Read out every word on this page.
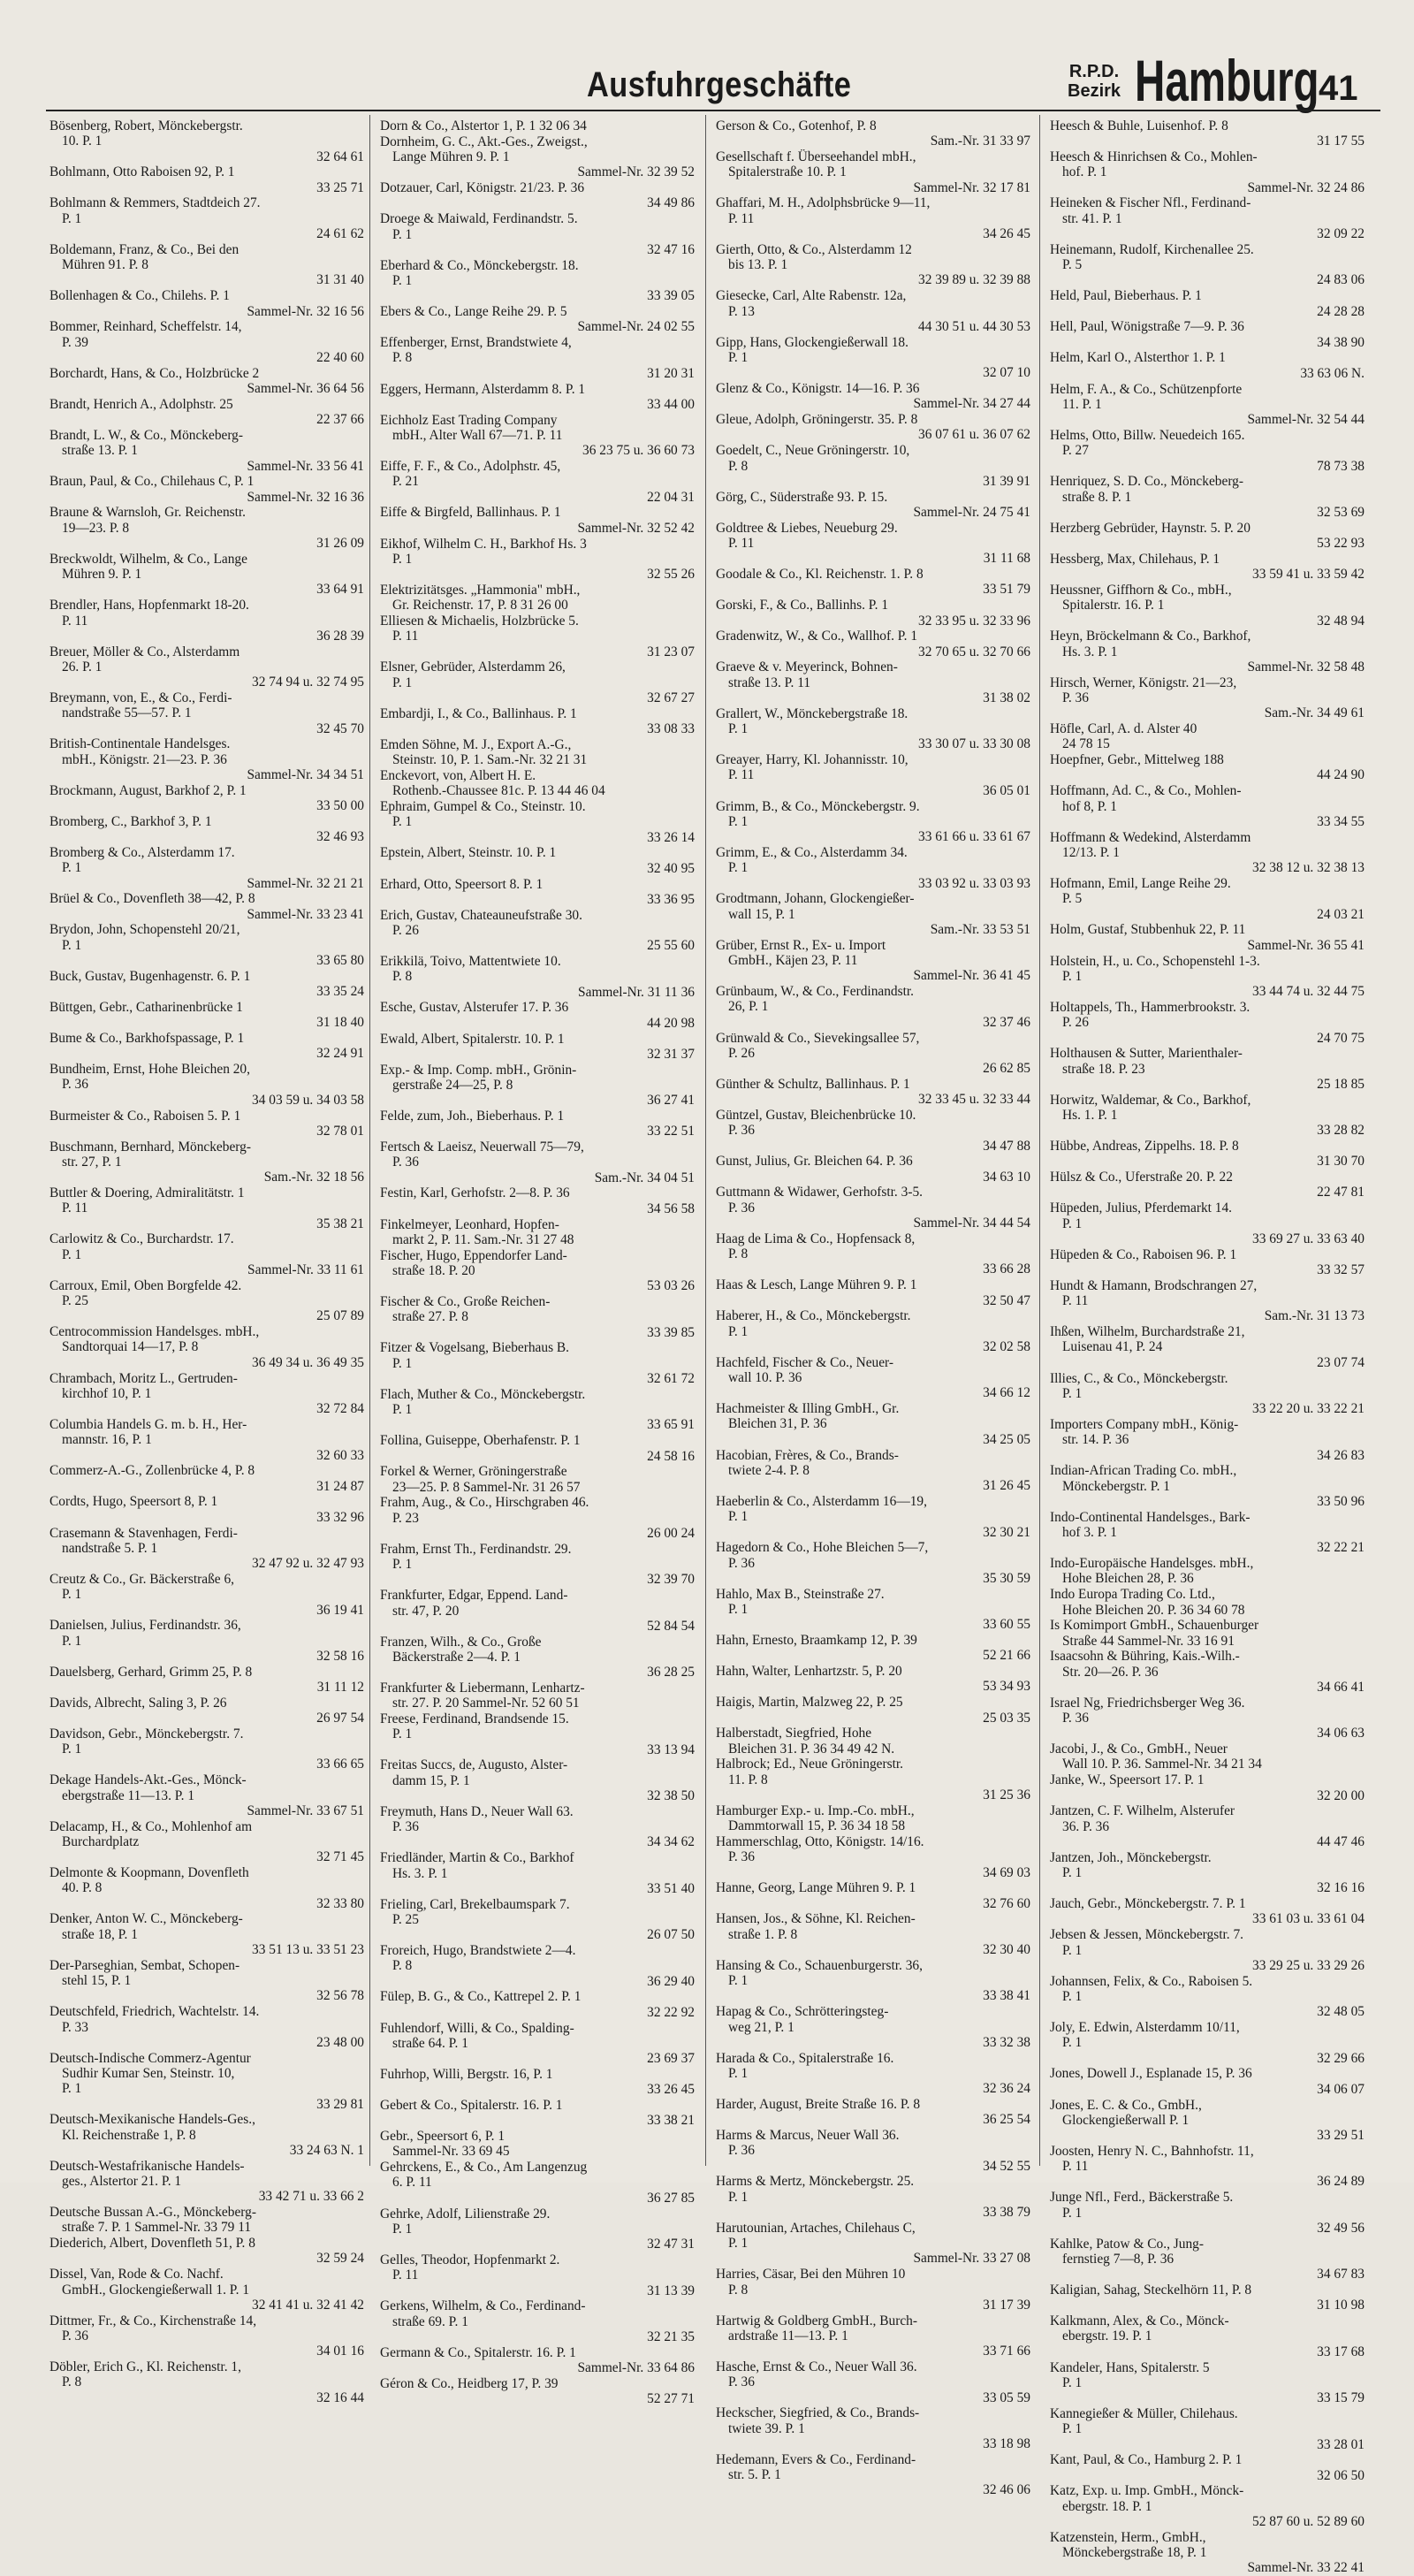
Ausfuhrgeschäfte	R.P.D.
Bezirk Hamburg 41
Bösenberg, Robert, Mönckebergstr.
10. P. 1
32 64 61
Bohlmann, Otto Raboisen 92, P. 1
33 25 71
Bohlmann & Remmers, Stadtdeich 27.
P. 1
24 61 62
Boldemann, Franz, & Co., Bei den
Mühren 91. P. 8
31 31 40
Bollenhagen & Co., Chilehs. P. 1
Sammel-Nr. 32 16 56
Bommer, Reinhard, Scheffelstr. 14,
P. 39
22 40 60
Borchardt, Hans, & Co., Holzbrücke 2
Sammel-Nr. 36 64 56
Brandt, Henrich A., Adolphstr. 25
22 37 66
Brandt, L. W., & Co., Mönckeberg-
straße 13. P. 1
Sammel-Nr. 33 56 41
Braun, Paul, & Co., Chilehaus C, P. 1
Sammel-Nr. 32 16 36
Braune & Warnsloh, Gr. Reichenstr.
19—23. P. 8
31 26 09
Breckwoldt, Wilhelm, & Co., Lange
Mühren 9. P. 1
33 64 91
Brendler, Hans, Hopfenmarkt 18-20.
P. 11
36 28 39
Breuer, Möller & Co., Alsterdamm
26. P. 1
32 74 94 u. 32 74 95
Breymann, von, E., & Co., Ferdi-
nandstraße 55—57. P. 1
32 45 70
British-Continentale Handelsges.
mbH., Königstr. 21—23. P. 36
Sammel-Nr. 34 34 51
Brockmann, August, Barkhof 2, P. 1
33 50 00
Bromberg, C., Barkhof 3, P. 1
32 46 93
Bromberg & Co., Alsterdamm 17.
P. 1
Sammel-Nr. 32 21 21
Brüel & Co., Dovenfleth 38—42, P. 8
Sammel-Nr. 33 23 41
Brydon, John, Schopenstehl 20/21,
P. 1
33 65 80
Buck, Gustav, Bugenhagenstr. 6. P. 1
33 35 24
Büttgen, Gebr., Catharinenbrücke 1
31 18 40
Bume & Co., Barkhofspassage, P. 1
32 24 91
Bundheim, Ernst, Hohe Bleichen 20,
P. 36
34 03 59 u. 34 03 58
Burmeister & Co., Raboisen 5. P. 1
32 78 01
Buschmann, Bernhard, Mönckeberg-
str. 27, P. 1
Sam.-Nr. 32 18 56
Buttler & Doering, Admiralitätstr. 1
P. 11
35 38 21
Carlowitz & Co., Burchardstr. 17.
P. 1
Sammel-Nr. 33 11 61
Carroux, Emil, Oben Borgfelde 42.
P. 25
25 07 89
Centrocommission Handelsges. mbH.,
Sandtorquai 14—17, P. 8
36 49 34 u. 36 49 35
Chrambach, Moritz L., Gertruden-
kirchhof 10, P. 1
32 72 84
Columbia Handels G. m. b. H., Her-
mannstr. 16, P. 1
32 60 33
Commerz-A.-G., Zollenbrücke 4, P. 8
31 24 87
Cordts, Hugo, Speersort 8, P. 1
33 32 96
Crasemann & Stavenhagen, Ferdi-
nandstraße 5. P. 1
32 47 92 u. 32 47 93
Creutz & Co., Gr. Bäckerstraße 6,
P. 1
36 19 41
Danielsen, Julius, Ferdinandstr. 36,
P. 1
32 58 16
Dauelsberg, Gerhard, Grimm 25, P. 8
31 11 12
Davids, Albrecht, Saling 3, P. 26
26 97 54
Davidson, Gebr., Mönckebergstr. 7.
P. 1
33 66 65
Dekage Handels-Akt.-Ges., Mönck-
ebergstraße 11—13. P. 1
Sammel-Nr. 33 67 51
Delacamp, H., & Co., Mohlenhof am
Burchardplatz
32 71 45
Delmonte & Koopmann, Dovenfleth
40. P. 8
32 33 80
Denker, Anton W. C., Mönckeberg-
straße 18, P. 1
33 51 13 u. 33 51 23
Der-Parseghian, Sembat, Schopen-
stehl 15, P. 1
32 56 78
Deutschfeld, Friedrich, Wachtelstr. 14.
P. 33
23 48 00
Deutsch-Indische Commerz-Agentur
Sudhir Kumar Sen, Steinstr. 10,
P. 1
33 29 81
Deutsch-Mexikanische Handels-Ges.,
Kl. Reichenstraße 1, P. 8
33 24 63 N. 1
Deutsch-Westafrikanische Handels-
ges., Alstertor 21. P. 1
33 42 71 u. 33 66 2
Deutsche Bussan A.-G., Mönckeberg-
straße 7. P. 1 Sammel-Nr. 33 79 11
Diederich, Albert, Dovenfleth 51, P. 8
32 59 24
Dissel, Van, Rode & Co. Nachf.
GmbH., Glockengießerwall 1. P. 1
32 41 41 u. 32 41 42
Dittmer, Fr., & Co., Kirchenstraße 14,
P. 36
34 01 16
Döbler, Erich G., Kl. Reichenstr. 1,
P. 8
32 16 44
Dorn & Co., Alstertor 1, P. 1 32 06 34
Dornheim, G. C., Akt.-Ges., Zweigst.,
Lange Mühren 9. P. 1
Sammel-Nr. 32 39 52
Dotzauer, Carl, Königstr. 21/23. P. 36
34 49 86
Droege & Maiwald, Ferdinandstr. 5.
P. 1
32 47 16
Eberhard & Co., Mönckebergstr. 18.
P. 1
33 39 05
Ebers & Co., Lange Reihe 29. P. 5
Sammel-Nr. 24 02 55
Effenberger, Ernst, Brandstwiete 4,
P. 8
31 20 31
Eggers, Hermann, Alsterdamm 8. P. 1
33 44 00
Eichholz East Trading Company
mbH., Alter Wall 67—71. P. 11
36 23 75 u. 36 60 73
Eiffe, F. F., & Co., Adolphstr. 45,
P. 21
22 04 31
Eiffe & Birgfeld, Ballinhaus. P. 1
Sammel-Nr. 32 52 42
Eikhof, Wilhelm C. H., Barkhof Hs. 3
P. 1
32 55 26
Elektrizitätsges. „Hammonia" mbH.,
Gr. Reichenstr. 17, P. 8 31 26 00
Elliesen & Michaelis, Holzbrücke 5.
P. 11
31 23 07
Elsner, Gebrüder, Alsterdamm 26,
P. 1
32 67 27
Embardji, I., & Co., Ballinhaus. P. 1
33 08 33
Emden Söhne, M. J., Export A.-G.,
Steinstr. 10, P. 1. Sam.-Nr. 32 21 31
Enckevort, von, Albert H. E.
Rothenb.-Chaussee 81c. P. 13 44 46 04
Ephraim, Gumpel & Co., Steinstr. 10.
P. 1
33 26 14
Epstein, Albert, Steinstr. 10. P. 1
32 40 95
Erhard, Otto, Speersort 8. P. 1
33 36 95
Erich, Gustav, Chateauneufstraße 30.
P. 26
25 55 60
Erikkilä, Toivo, Mattentwiete 10.
P. 8
Sammel-Nr. 31 11 36
Esche, Gustav, Alsterufer 17. P. 36
44 20 98
Ewald, Albert, Spitalerstr. 10. P. 1
32 31 37
Exp.- & Imp. Comp. mbH., Grönin-
gerstraße 24—25, P. 8
36 27 41
Felde, zum, Joh., Bieberhaus. P. 1
33 22 51
Fertsch & Laeisz, Neuerwall 75—79,
P. 36
Sam.-Nr. 34 04 51
Festin, Karl, Gerhofstr. 2—8. P. 36
34 56 58
Finkelmeyer, Leonhard, Hopfen-
markt 2, P. 11. Sam.-Nr. 31 27 48
Fischer, Hugo, Eppendorfer Land-
straße 18. P. 20
53 03 26
Fischer & Co., Große Reichen-
straße 27. P. 8
33 39 85
Fitzer & Vogelsang, Bieberhaus B.
P. 1
32 61 72
Flach, Muther & Co., Mönckebergstr.
P. 1
33 65 91
Follina, Guiseppe, Oberhafenstr. P. 1
24 58 16
Forkel & Werner, Gröningerstraße
23—25. P. 8 Sammel-Nr. 31 26 57
Frahm, Aug., & Co., Hirschgraben 46.
P. 23
26 00 24
Frahm, Ernst Th., Ferdinandstr. 29.
P. 1
32 39 70
Frankfurter, Edgar, Eppend. Land-
str. 47, P. 20
52 84 54
Franzen, Wilh., & Co., Große
Bäckerstraße 2—4. P. 1
36 28 25
Frankfurter & Liebermann, Lenhartz-
str. 27. P. 20 Sammel-Nr. 52 60 51
Freese, Ferdinand, Brandsende 15.
P. 1
33 13 94
Freitas Succs, de, Augusto, Alster-
damm 15, P. 1
32 38 50
Freymuth, Hans D., Neuer Wall 63.
P. 36
34 34 62
Friedländer, Martin & Co., Barkhof
Hs. 3. P. 1
33 51 40
Frieling, Carl, Brekelbaumspark 7.
P. 25
26 07 50
Froreich, Hugo, Brandstwiete 2—4.
P. 8
36 29 40
Fülep, B. G., & Co., Kattrepel 2. P. 1
32 22 92
Fuhlendorf, Willi, & Co., Spalding-
straße 64. P. 1
23 69 37
Fuhrhop, Willi, Bergstr. 16, P. 1
33 26 45
Gebert & Co., Spitalerstr. 16. P. 1
33 38 21
Gebr., Speersort 6, P. 1
Sammel-Nr. 33 69 45
Gehrckens, E., & Co., Am Langenzug
6. P. 11
36 27 85
Gehrke, Adolf, Lilienstraße 29.
P. 1
32 47 31
Gelles, Theodor, Hopfenmarkt 2.
P. 11
31 13 39
Gerkens, Wilhelm, & Co., Ferdinand-
straße 69. P. 1
32 21 35
Germann & Co., Spitalerstr. 16. P. 1
Sammel-Nr. 33 64 86
Géron & Co., Heidberg 17, P. 39
52 27 71
Gerson & Co., Gotenhof, P. 8
Sam.-Nr. 31 33 97
Gesellschaft f. Überseehandel mbH.,
Spitalerstraße 10. P. 1
Sammel-Nr. 32 17 81
Ghaffari, M. H., Adolphsbrücke 9—11,
P. 11
34 26 45
Gierth, Otto, & Co., Alsterdamm 12
bis 13. P. 1
32 39 89 u. 32 39 88
Giesecke, Carl, Alte Rabenstr. 12a,
P. 13
44 30 51 u. 44 30 53
Gipp, Hans, Glockengießerwall 18.
P. 1
32 07 10
Glenz & Co., Königstr. 14—16. P. 36
Sammel-Nr. 34 27 44
Gleue, Adolph, Gröningerstr. 35. P. 8
36 07 61 u. 36 07 62
Goedelt, C., Neue Gröningerstr. 10,
P. 8
31 39 91
Görg, C., Süderstraße 93. P. 15.
Sammel-Nr. 24 75 41
Goldtree & Liebes, Neueburg 29.
P. 11
31 11 68
Goodale & Co., Kl. Reichenstr. 1. P. 8
33 51 79
Gorski, F., & Co., Ballinhs. P. 1
32 33 95 u. 32 33 96
Gradenwitz, W., & Co., Wallhof. P. 1
32 70 65 u. 32 70 66
Graeve & v. Meyerinck, Bohnen-
straße 13. P. 11
31 38 02
Grallert, W., Mönckebergstraße 18.
P. 1
33 30 07 u. 33 30 08
Greayer, Harry, Kl. Johannisstr. 10,
P. 11
36 05 01
Grimm, B., & Co., Mönckebergstr. 9.
P. 1
33 61 66 u. 33 61 67
Grimm, E., & Co., Alsterdamm 34.
P. 1
33 03 92 u. 33 03 93
Grodtmann, Johann, Glockengießer-
wall 15, P. 1
Sam.-Nr. 33 53 51
Grüber, Ernst R., Ex- u. Import
GmbH., Käjen 23, P. 11
Sammel-Nr. 36 41 45
Grünbaum, W., & Co., Ferdinandstr.
26, P. 1
32 37 46
Grünwald & Co., Sievekingsallee 57,
P. 26
26 62 85
Günther & Schultz, Ballinhaus. P. 1
32 33 45 u. 32 33 44
Güntzel, Gustav, Bleichenbrücke 10.
P. 36
34 47 88
Gunst, Julius, Gr. Bleichen 64. P. 36
34 63 10
Guttmann & Widawer, Gerhofstr. 3-5.
P. 36
Sammel-Nr. 34 44 54
Haag de Lima & Co., Hopfensack 8,
P. 8
33 66 28
Haas & Lesch, Lange Mühren 9. P. 1
32 50 47
Haberer, H., & Co., Mönckebergstr.
P. 1
32 02 58
Hachfeld, Fischer & Co., Neuer-
wall 10. P. 36
34 66 12
Hachmeister & Illing GmbH., Gr.
Bleichen 31, P. 36
34 25 05
Hacobian, Frères, & Co., Brands-
twiete 2-4. P. 8
31 26 45
Haeberlin & Co., Alsterdamm 16—19,
P. 1
32 30 21
Hagedorn & Co., Hohe Bleichen 5—7,
P. 36
35 30 59
Hahlo, Max B., Steinstraße 27.
P. 1
33 60 55
Hahn, Ernesto, Braamkamp 12, P. 39
52 21 66
Hahn, Walter, Lenhartzstr. 5, P. 20
53 34 93
Haigis, Martin, Malzweg 22, P. 25
25 03 35
Halberstadt, Siegfried, Hohe
Bleichen 31. P. 36 34 49 42 N.
Halbrock; Ed., Neue Gröningerstr.
11. P. 8
31 25 36
Hamburger Exp.- u. Imp.-Co. mbH.,
Dammtorwall 15, P. 36 34 18 58
Hammerschlag, Otto, Königstr. 14/16.
P. 36
34 69 03
Hanne, Georg, Lange Mühren 9. P. 1
32 76 60
Hansen, Jos., & Söhne, Kl. Reichen-
straße 1. P. 8
32 30 40
Hansing & Co., Schauenburgerstr. 36,
P. 1
33 38 41
Hapag & Co., Schrötteringsteg-
weg 21, P. 1
33 32 38
Harada & Co., Spitalerstraße 16.
P. 1
32 36 24
Harder, August, Breite Straße 16. P. 8
36 25 54
Harms & Marcus, Neuer Wall 36.
P. 36
34 52 55
Harms & Mertz, Mönckebergstr. 25.
P. 1
33 38 79
Harutounian, Artaches, Chilehaus C,
P. 1
Sammel-Nr. 33 27 08
Harries, Cäsar, Bei den Mühren 10
P. 8
31 17 39
Hartwig & Goldberg GmbH., Burch-
ardstraße 11—13. P. 1
33 71 66
Hasche, Ernst & Co., Neuer Wall 36.
P. 36
33 05 59
Heckscher, Siegfried, & Co., Brands-
twiete 39. P. 1
33 18 98
Hedemann, Evers & Co., Ferdinand-
str. 5. P. 1
32 46 06
Heesch & Buhle, Luisenhof. P. 8
31 17 55
Heesch & Hinrichsen & Co., Mohlen-
hof. P. 1
Sammel-Nr. 32 24 86
Heineken & Fischer Nfl., Ferdinand-
str. 41. P. 1
32 09 22
Heinemann, Rudolf, Kirchenallee 25.
P. 5
24 83 06
Held, Paul, Bieberhaus. P. 1
24 28 28
Hell, Paul, Wönigstraße 7—9. P. 36
34 38 90
Helm, Karl O., Alsterthor 1. P. 1
33 63 06 N.
Helm, F. A., & Co., Schützenpforte
11. P. 1
Sammel-Nr. 32 54 44
Helms, Otto, Billw. Neuedeich 165.
P. 27
78 73 38
Henriquez, S. D. Co., Mönckeberg-
straße 8. P. 1
32 53 69
Herzberg Gebrüder, Haynstr. 5. P. 20
53 22 93
Hessberg, Max, Chilehaus, P. 1
33 59 41 u. 33 59 42
Heussner, Giffhorn & Co., mbH.,
Spitalerstr. 16. P. 1
32 48 94
Heyn, Bröckelmann & Co., Barkhof,
Hs. 3. P. 1
Sammel-Nr. 32 58 48
Hirsch, Werner, Königstr. 21—23,
P. 36
Sam.-Nr. 34 49 61
Höfle, Carl, A. d. Alster 40
24 78 15
Hoepfner, Gebr., Mittelweg 188
44 24 90
Hoffmann, Ad. C., & Co., Mohlen-
hof 8, P. 1
33 34 55
Hoffmann & Wedekind, Alsterdamm
12/13. P. 1
32 38 12 u. 32 38 13
Hofmann, Emil, Lange Reihe 29.
P. 5
24 03 21
Holm, Gustaf, Stubbenhuk 22, P. 11
Sammel-Nr. 36 55 41
Holstein, H., u. Co., Schopenstehl 1-3.
P. 1
33 44 74 u. 32 44 75
Holtappels, Th., Hammerbrookstr. 3.
P. 26
24 70 75
Holthausen & Sutter, Marienthaler-
straße 18. P. 23
25 18 85
Horwitz, Waldemar, & Co., Barkhof,
Hs. 1. P. 1
33 28 82
Hübbe, Andreas, Zippelhs. 18. P. 8
31 30 70
Hülsz & Co., Uferstraße 20. P. 22
22 47 81
Hüpeden, Julius, Pferdemarkt 14.
P. 1
33 69 27 u. 33 63 40
Hüpeden & Co., Raboisen 96. P. 1
33 32 57
Hundt & Hamann, Brodschrangen 27,
P. 11
Sam.-Nr. 31 13 73
Ihßen, Wilhelm, Burchardstraße 21,
Luisenau 41, P. 24
23 07 74
Illies, C., & Co., Mönckebergstr.
P. 1
33 22 20 u. 33 22 21
Importers Company mbH., König-
str. 14. P. 36
34 26 83
Indian-African Trading Co. mbH.,
Mönckebergstr. P. 1
33 50 96
Indo-Continental Handelsges., Bark-
hof 3. P. 1
32 22 21
Indo-Europäische Handelsges. mbH.,
Hohe Bleichen 28, P. 36
Indo Europa Trading Co. Ltd.,
Hohe Bleichen 20. P. 36 34 60 78
Is Komimport GmbH., Schauenburger
Straße 44 Sammel-Nr. 33 16 91
Isaacsohn & Bühring, Kais.-Wilh.-
Str. 20—26. P. 36
34 66 41
Israel Ng, Friedrichsberger Weg 36.
P. 36
34 06 63
Jacobi, J., & Co., GmbH., Neuer
Wall 10. P. 36. Sammel-Nr. 34 21 34
Janke, W., Speersort 17. P. 1
32 20 00
Jantzen, C. F. Wilhelm, Alsterufer
36. P. 36
44 47 46
Jantzen, Joh., Mönckebergstr.
P. 1
32 16 16
Jauch, Gebr., Mönckebergstr. 7. P. 1
33 61 03 u. 33 61 04
Jebsen & Jessen, Mönckebergstr. 7.
P. 1
33 29 25 u. 33 29 26
Johannsen, Felix, & Co., Raboisen 5.
P. 1
32 48 05
Joly, E. Edwin, Alsterdamm 10/11,
P. 1
32 29 66
Jones, Dowell J., Esplanade 15, P. 36
34 06 07
Jones, E. C. & Co., GmbH.,
Glockengießerwall P. 1
33 29 51
Joosten, Henry N. C., Bahnhofstr. 11,
P. 11
36 24 89
Junge Nfl., Ferd., Bäckerstraße 5.
P. 1
32 49 56
Kahlke, Patow & Co., Jung-
fernstieg 7—8, P. 36
34 67 83
Kaligian, Sahag, Steckelhörn 11, P. 8
31 10 98
Kalkmann, Alex, & Co., Mönck-
ebergstr. 19. P. 1
33 17 68
Kandeler, Hans, Spitalerstr. 5
P. 1
33 15 79
Kannegießer & Müller, Chilehaus.
P. 1
33 28 01
Kant, Paul, & Co., Hamburg 2. P. 1
32 06 50
Katz, Exp. u. Imp. GmbH., Mönck-
ebergstr. 18. P. 1
52 87 60 u. 52 89 60
Katzenstein, Herm., GmbH.,
Mönckebergstraße 18, P. 1
Sammel-Nr. 33 22 41
